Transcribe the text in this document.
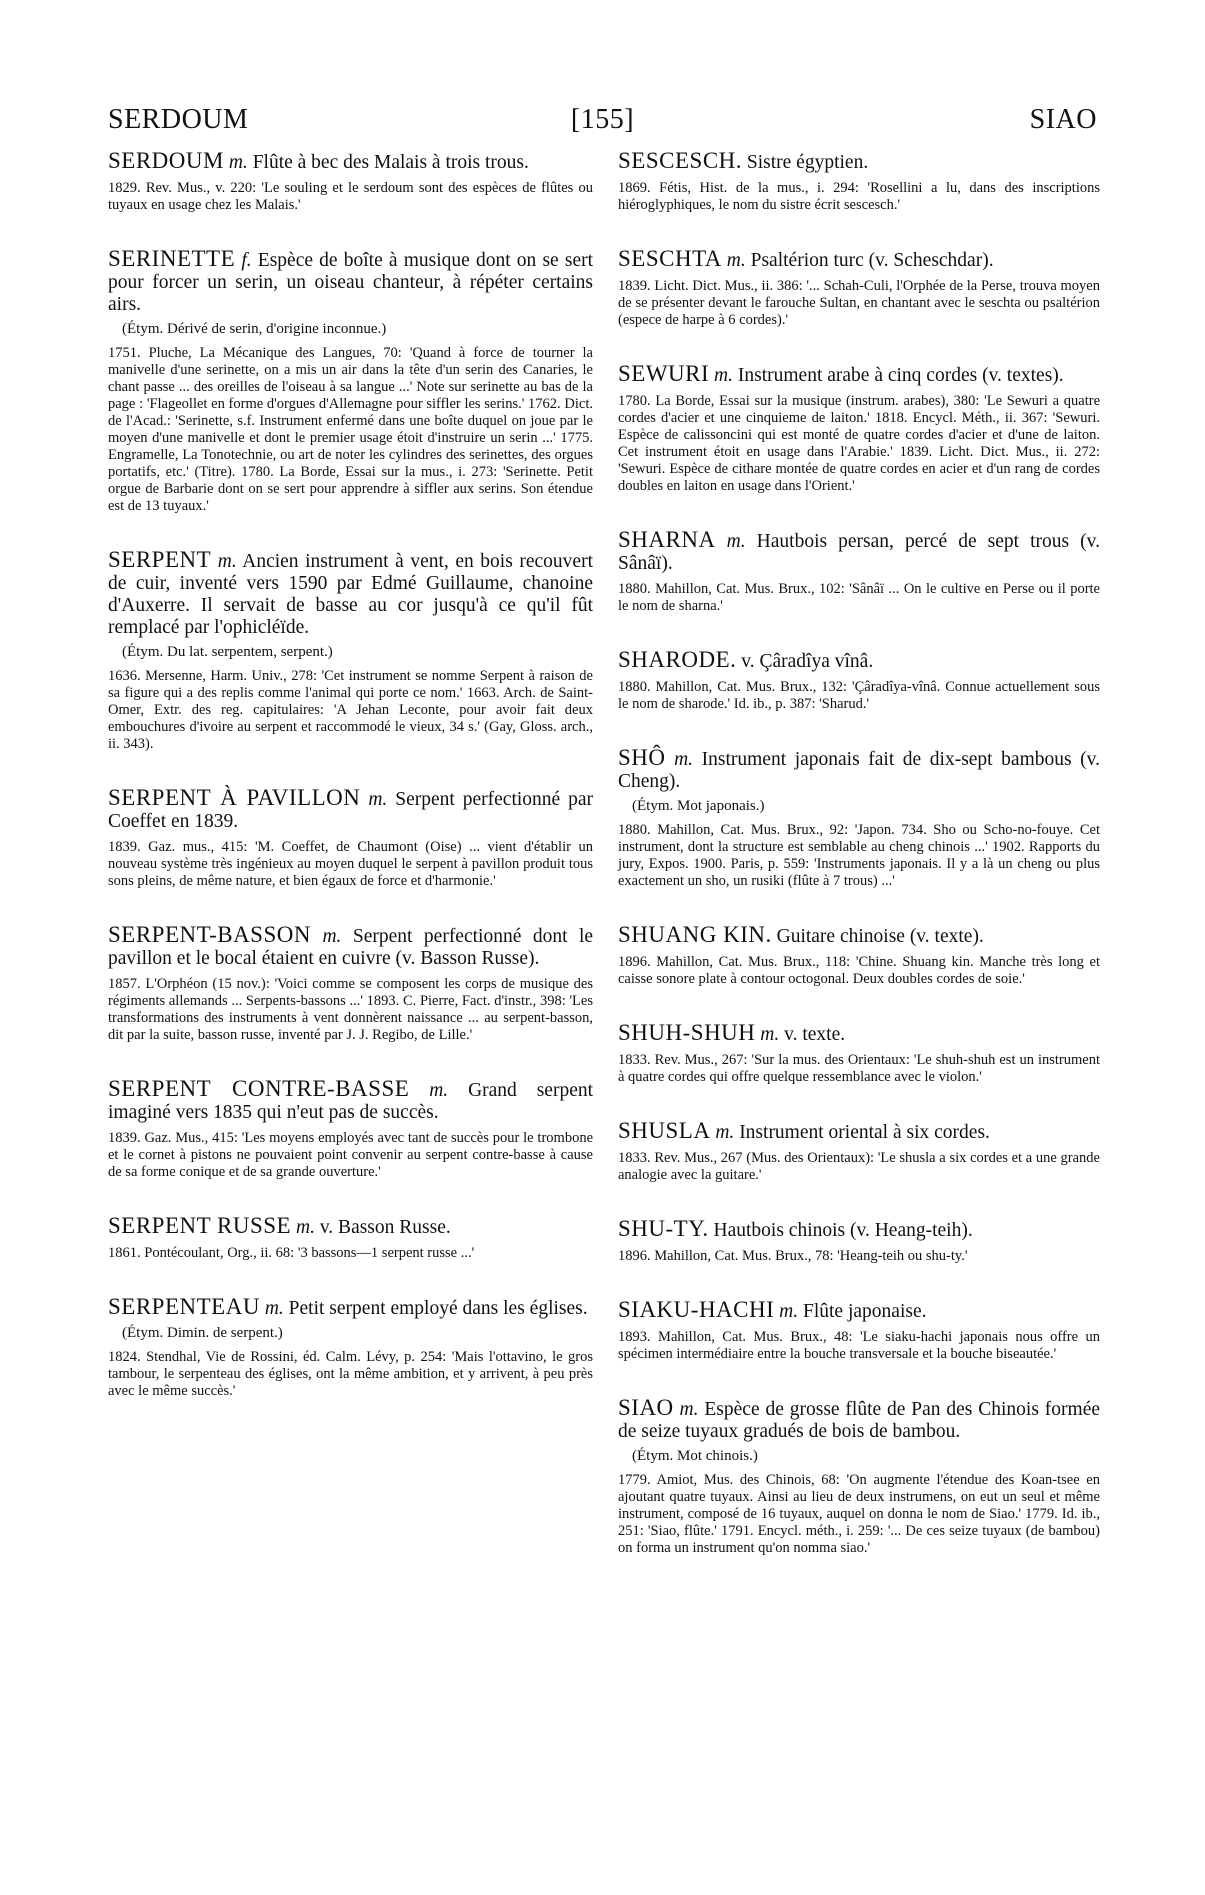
SERDOUM	[155]	SIAO
SERDOUM m. Flûte à bec des Malais à trois trous.
1829. Rev. Mus., v. 220: 'Le souling et le serdoum sont des espèces de flûtes ou tuyaux en usage chez les Malais.'
SERINETTE f. Espèce de boîte à musique dont on se sert pour forcer un serin, un oiseau chanteur, à répéter certains airs.
(Étym. Dérivé de serin, d'origine inconnue.)
1751. Pluche, La Mécanique des Langues, 70: 'Quand à force de tourner la manivelle d'une serinette, on a mis un air dans la tête d'un serin des Canaries, le chant passe ... des oreilles de l'oiseau à sa langue ...' Note sur serinette au bas de la page : 'Flageollet en forme d'orgues d'Allemagne pour siffler les serins.' 1762. Dict. de l'Acad.: 'Serinette, s.f. Instrument enfermé dans une boîte duquel on joue par le moyen d'une manivelle et dont le premier usage étoit d'instruire un serin ...' 1775. Engramelle, La Tonotechnie, ou art de noter les cylindres des serinettes, des orgues portatifs, etc.' (Titre). 1780. La Borde, Essai sur la mus., i. 273: 'Serinette. Petit orgue de Barbarie dont on se sert pour apprendre à siffler aux serins. Son étendue est de 13 tuyaux.'
SERPENT m. Ancien instrument à vent, en bois recouvert de cuir, inventé vers 1590 par Edmé Guillaume, chanoine d'Auxerre. Il servait de basse au cor jusqu'à ce qu'il fût remplacé par l'ophicléïde.
(Étym. Du lat. serpentem, serpent.)
1636. Mersenne, Harm. Univ., 278: 'Cet instrument se nomme Serpent à raison de sa figure qui a des replis comme l'animal qui porte ce nom.' 1663. Arch. de Saint-Omer, Extr. des reg. capitulaires: 'A Jehan Leconte, pour avoir fait deux embouchures d'ivoire au serpent et raccommodé le vieux, 34 s.' (Gay, Gloss. arch., ii. 343).
SERPENT À PAVILLON m. Serpent perfectionné par Coeffet en 1839.
1839. Gaz. mus., 415: 'M. Coeffet, de Chaumont (Oise) ... vient d'établir un nouveau système très ingénieux au moyen duquel le serpent à pavillon produit tous sons pleins, de même nature, et bien égaux de force et d'harmonie.'
SERPENT-BASSON m. Serpent perfectionné dont le pavillon et le bocal étaient en cuivre (v. Basson Russe).
1857. L'Orphéon (15 nov.): 'Voici comme se composent les corps de musique des régiments allemands ... Serpents-bassons ...' 1893. C. Pierre, Fact. d'instr., 398: 'Les transformations des instruments à vent donnèrent naissance ... au serpent-basson, dit par la suite, basson russe, inventé par J. J. Regibo, de Lille.'
SERPENT CONTRE-BASSE m. Grand serpent imaginé vers 1835 qui n'eut pas de succès.
1839. Gaz. Mus., 415: 'Les moyens employés avec tant de succès pour le trombone et le cornet à pistons ne pouvaient point convenir au serpent contre-basse à cause de sa forme conique et de sa grande ouverture.'
SERPENT RUSSE m. v. Basson Russe.
1861. Pontécoulant, Org., ii. 68: '3 bassons—1 serpent russe ...'
SERPENTEAU m. Petit serpent employé dans les églises.
(Étym. Dimin. de serpent.)
1824. Stendhal, Vie de Rossini, éd. Calm. Lévy, p. 254: 'Mais l'ottavino, le gros tambour, le serpenteau des églises, ont la même ambition, et y arrivent, à peu près avec le même succès.'
SESCESCH. Sistre égyptien.
1869. Fétis, Hist. de la mus., i. 294: 'Rosellini a lu, dans des inscriptions hiéroglyphiques, le nom du sistre écrit sescesch.'
SESCHTA m. Psaltérion turc (v. Scheschdar).
1839. Licht. Dict. Mus., ii. 386: '... Schah-Culi, l'Orphée de la Perse, trouva moyen de se présenter devant le farouche Sultan, en chantant avec le seschta ou psaltérion (espece de harpe à 6 cordes).'
SEWURI m. Instrument arabe à cinq cordes (v. textes).
1780. La Borde, Essai sur la musique (instrum. arabes), 380: 'Le Sewuri a quatre cordes d'acier et une cinquieme de laiton.' 1818. Encycl. Méth., ii. 367: 'Sewuri. Espèce de calissoncini qui est monté de quatre cordes d'acier et d'une de laiton. Cet instrument étoit en usage dans l'Arabie.' 1839. Licht. Dict. Mus., ii. 272: 'Sewuri. Espèce de cithare montée de quatre cordes en acier et d'un rang de cordes doubles en laiton en usage dans l'Orient.'
SHARNA m. Hautbois persan, percé de sept trous (v. Sânâï).
1880. Mahillon, Cat. Mus. Brux., 102: 'Sânâï ... On le cultive en Perse ou il porte le nom de sharna.'
SHARODE. v. Çâradîya vînâ.
1880. Mahillon, Cat. Mus. Brux., 132: 'Çâradîya-vînâ. Connue actuellement sous le nom de sharode.' Id. ib., p. 387: 'Sharud.'
SHÔ m. Instrument japonais fait de dix-sept bambous (v. Cheng).
(Étym. Mot japonais.)
1880. Mahillon, Cat. Mus. Brux., 92: 'Japon. 734. Sho ou Scho-no-fouye. Cet instrument, dont la structure est semblable au cheng chinois ...' 1902. Rapports du jury, Expos. 1900. Paris, p. 559: 'Instruments japonais. Il y a là un cheng ou plus exactement un sho, un rusiki (flûte à 7 trous) ...'
SHUANG KIN. Guitare chinoise (v. texte).
1896. Mahillon, Cat. Mus. Brux., 118: 'Chine. Shuang kin. Manche très long et caisse sonore plate à contour octogonal. Deux doubles cordes de soie.'
SHUH-SHUH m. v. texte.
1833. Rev. Mus., 267: 'Sur la mus. des Orientaux: 'Le shuh-shuh est un instrument à quatre cordes qui offre quelque ressemblance avec le violon.'
SHUSLA m. Instrument oriental à six cordes.
1833. Rev. Mus., 267 (Mus. des Orientaux): 'Le shusla a six cordes et a une grande analogie avec la guitare.'
SHU-TY. Hautbois chinois (v. Heang-teih).
1896. Mahillon, Cat. Mus. Brux., 78: 'Heang-teih ou shu-ty.'
SIAKU-HACHI m. Flûte japonaise.
1893. Mahillon, Cat. Mus. Brux., 48: 'Le siaku-hachi japonais nous offre un spécimen intermédiaire entre la bouche transversale et la bouche biseautée.'
SIAO m. Espèce de grosse flûte de Pan des Chinois formée de seize tuyaux gradués de bois de bambou.
(Étym. Mot chinois.)
1779. Amiot, Mus. des Chinois, 68: 'On augmente l'étendue des Koan-tsee en ajoutant quatre tuyaux. Ainsi au lieu de deux instrumens, on eut un seul et même instrument, composé de 16 tuyaux, auquel on donna le nom de Siao.' 1779. Id. ib., 251: 'Siao, flûte.' 1791. Encycl. méth., i. 259: '... De ces seize tuyaux (de bambou) on forma un instrument qu'on nomma siao.'
